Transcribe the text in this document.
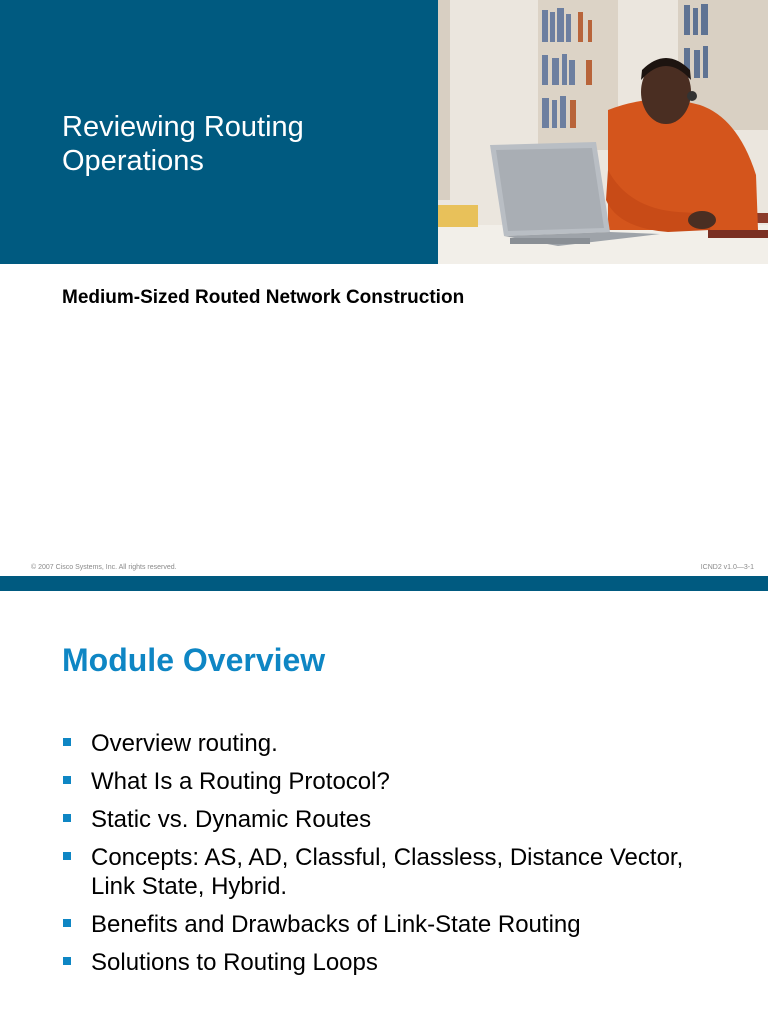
Reviewing Routing Operations
Medium-Sized Routed Network Construction
© 2007 Cisco Systems, Inc. All rights reserved.	ICND2 v1.0—3-1
Module Overview
Overview routing.
What Is a Routing Protocol?
Static vs. Dynamic Routes
Concepts: AS, AD, Classful, Classless, Distance Vector, Link State, Hybrid.
Benefits and Drawbacks of Link-State Routing
Solutions to Routing Loops
